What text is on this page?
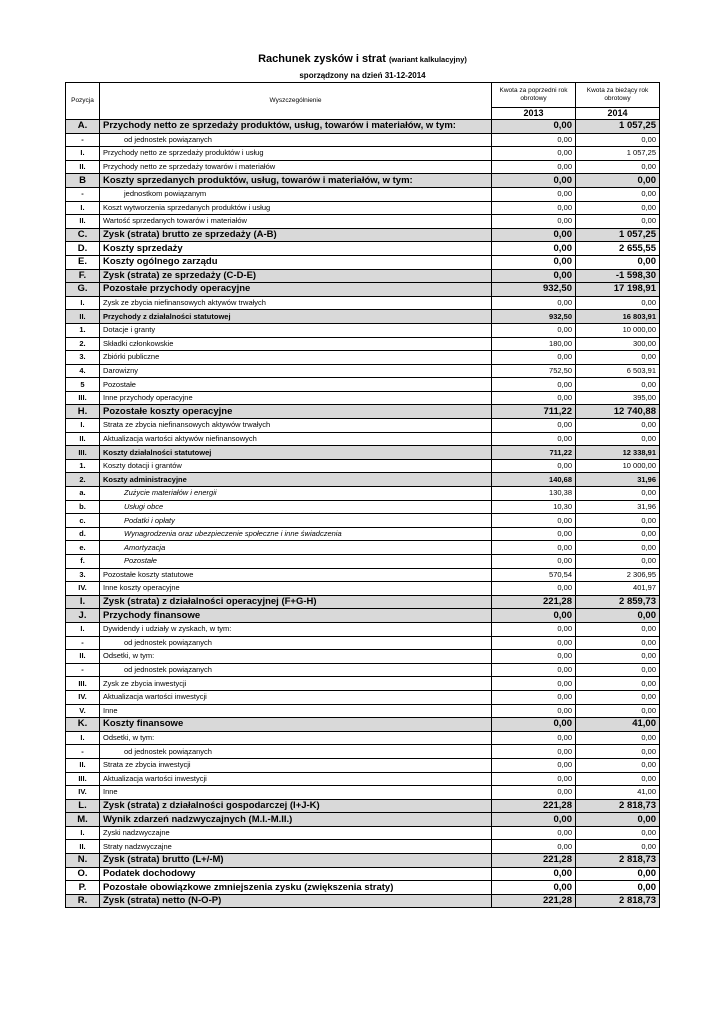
Rachunek zysków i strat (wariant kalkulacyjny)
sporządzony na dzień 31-12-2014
Pozycja	Wyszczególnienie	Kwota za poprzedni rok obrotowy	Kwota za bieżący rok obrotowy
		2013	2014
A.	Przychody netto ze sprzedaży produktów, usług, towarów i materiałów, w tym:	0,00	1 057,25
-	od jednostek powiązanych	0,00	0,00
I.	Przychody netto ze sprzedaży produktów i usług	0,00	1 057,25
II.	Przychody netto ze sprzedaży towarów i materiałów	0,00	0,00
B	Koszty sprzedanych produktów, usług, towarów i materiałów, w tym:	0,00	0,00
-	jednostkom powiązanym	0,00	0,00
I.	Koszt wytworzenia sprzedanych produktów i usług	0,00	0,00
II.	Wartość sprzedanych towarów i materiałów	0,00	0,00
C.	Zysk (strata) brutto ze sprzedaży (A-B)	0,00	1 057,25
D.	Koszty sprzedaży	0,00	2 655,55
E.	Koszty ogólnego zarządu	0,00	0,00
F.	Zysk (strata) ze sprzedaży (C-D-E)	0,00	-1 598,30
G.	Pozostałe przychody operacyjne	932,50	17 198,91
I.	Zysk ze zbycia niefinansowych aktywów trwałych	0,00	0,00
II.	Przychody z działalności statutowej	932,50	16 803,91
1.	Dotacje i granty	0,00	10 000,00
2.	Składki członkowskie	180,00	300,00
3.	Zbiórki publiczne	0,00	0,00
4.	Darowizny	752,50	6 503,91
5	Pozostałe	0,00	0,00
III.	Inne przychody operacyjne	0,00	395,00
H.	Pozostałe koszty operacyjne	711,22	12 740,88
I.	Strata ze zbycia niefinansowych aktywów trwałych	0,00	0,00
II.	Aktualizacja wartości aktywów niefinansowych	0,00	0,00
III.	Koszty działalności statutowej	711,22	12 338,91
1.	Koszty dotacji i grantów	0,00	10 000,00
2.	Koszty administracyjne	140,68	31,96
a.	Zużycie materiałów i energii	130,38	0,00
b.	Usługi obce	10,30	31,96
c.	Podatki i opłaty	0,00	0,00
d.	Wynagrodzenia oraz ubezpieczenie społeczne i inne świadczenia	0,00	0,00
e.	Amortyzacja	0,00	0,00
f.	Pozostałe	0,00	0,00
3.	Pozostałe koszty statutowe	570,54	2 306,95
IV.	Inne koszty operacyjne	0,00	401,97
I.	Zysk (strata) z działalności operacyjnej (F+G-H)	221,28	2 859,73
J.	Przychody finansowe	0,00	0,00
I.	Dywidendy i udziały w zyskach, w tym:	0,00	0,00
-	od jednostek powiązanych	0,00	0,00
II.	Odsetki, w tym:	0,00	0,00
-	od jednostek powiązanych	0,00	0,00
III.	Zysk ze zbycia inwestycji	0,00	0,00
IV.	Aktualizacja wartości inwestycji	0,00	0,00
V.	Inne	0,00	0,00
K.	Koszty finansowe	0,00	41,00
I.	Odsetki, w tym:	0,00	0,00
-	od jednostek powiązanych	0,00	0,00
II.	Strata ze zbycia inwestycji	0,00	0,00
III.	Aktualizacja wartości inwestycji	0,00	0,00
IV.	Inne	0,00	41,00
L.	Zysk (strata) z działalności gospodarczej (I+J-K)	221,28	2 818,73
M.	Wynik zdarzeń nadzwyczajnych (M.I.-M.II.)	0,00	0,00
I.	Zyski nadzwyczajne	0,00	0,00
II.	Straty nadzwyczajne	0,00	0,00
N.	Zysk (strata) brutto (L+/-M)	221,28	2 818,73
O.	Podatek dochodowy	0,00	0,00
P.	Pozostałe obowiązkowe zmniejszenia zysku (zwiększenia straty)	0,00	0,00
R.	Zysk (strata) netto (N-O-P)	221,28	2 818,73
